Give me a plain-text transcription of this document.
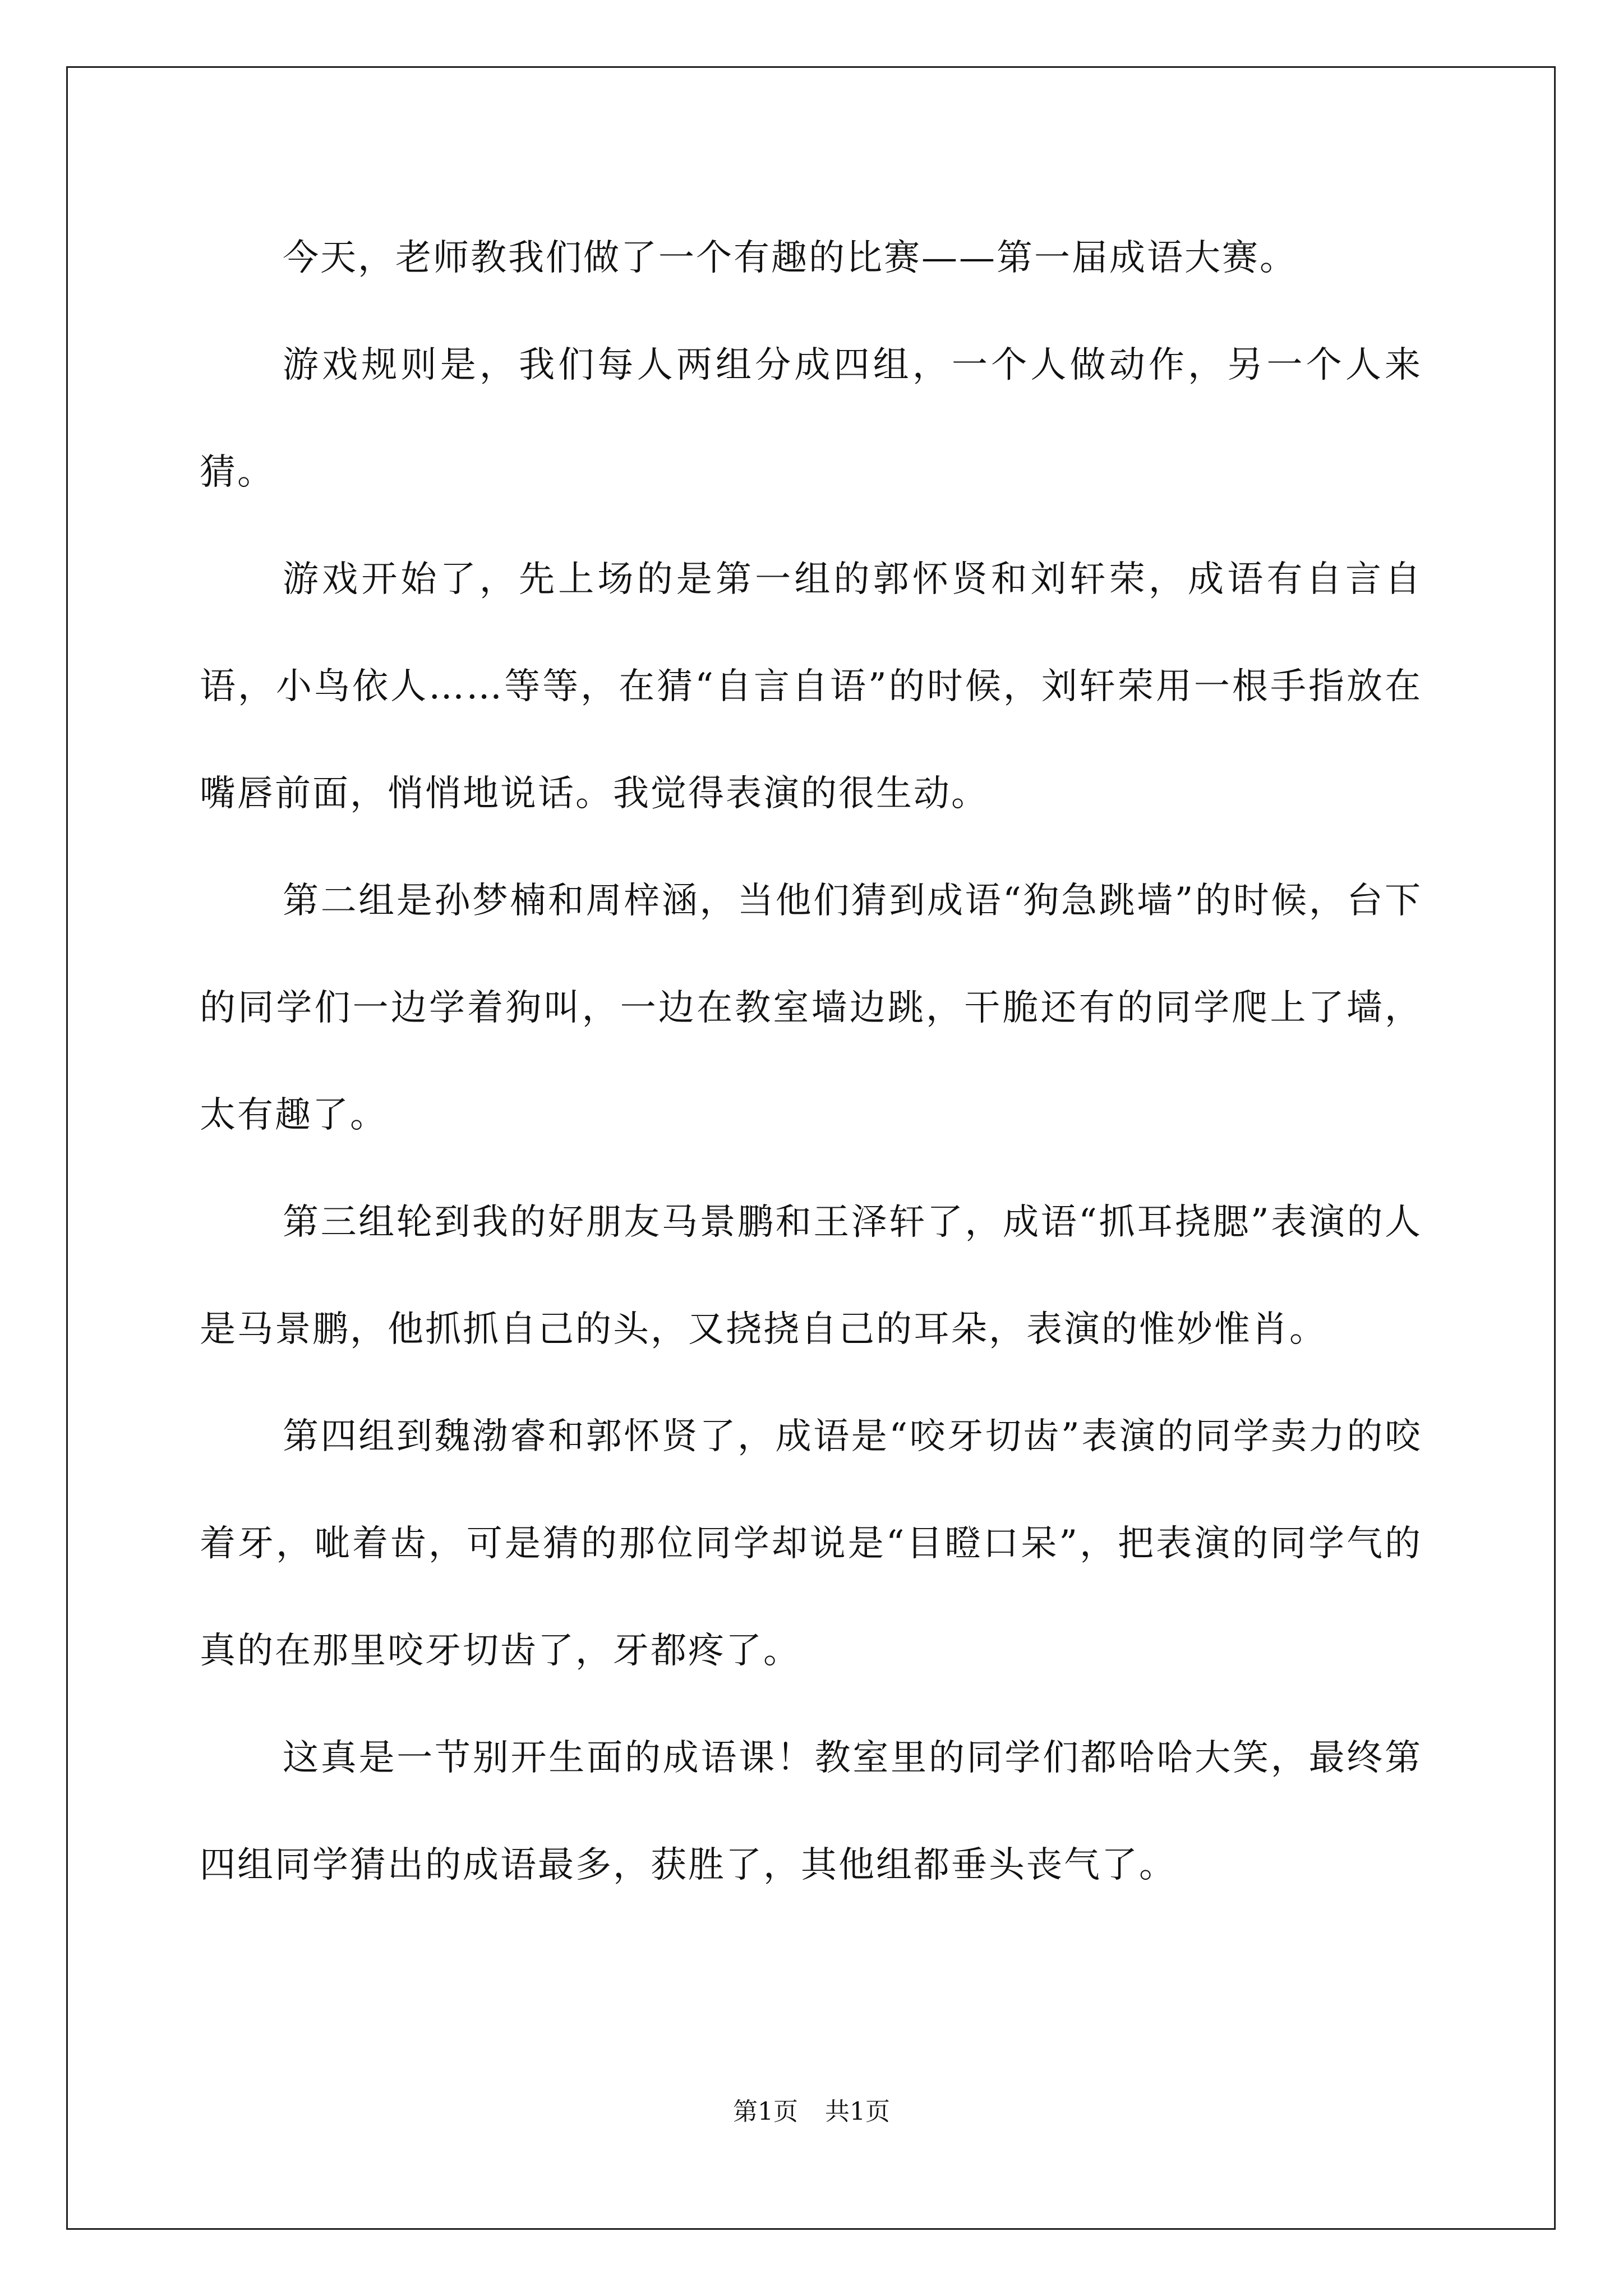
今天，老师教我们做了一个有趣的比赛——第一届成语大赛。

游戏规则是，我们每人两组分成四组，一个人做动作，另一个人来猜。

游戏开始了，先上场的是第一组的郭怀贤和刘轩荣，成语有自言自语，小鸟依人……等等，在猜“自言自语”的时候，刘轩荣用一根手指放在嘴唇前面，悄悄地说话。我觉得表演的很生动。

第二组是孙梦楠和周梓涵，当他们猜到成语“狗急跳墙”的时候，台下的同学们一边学着狗叫，一边在教室墙边跳，干脆还有的同学爬上了墙，太有趣了。

第三组轮到我的好朋友马景鹏和王泽轩了，成语“抓耳挠腮”表演的人是马景鹏，他抓抓自己的头，又挠挠自己的耳朵，表演的惟妙惟肖。

第四组到魏渤睿和郭怀贤了，成语是“咬牙切齿”表演的同学卖力的咬着牙，呲着齿，可是猜的那位同学却说是“目瞪口呆”，把表演的同学气的真的在那里咬牙切齿了，牙都疼了。

这真是一节别开生面的成语课！教室里的同学们都哈哈大笑，最终第四组同学猜出的成语最多，获胜了，其他组都垂头丧气了。

第1页 共1页
